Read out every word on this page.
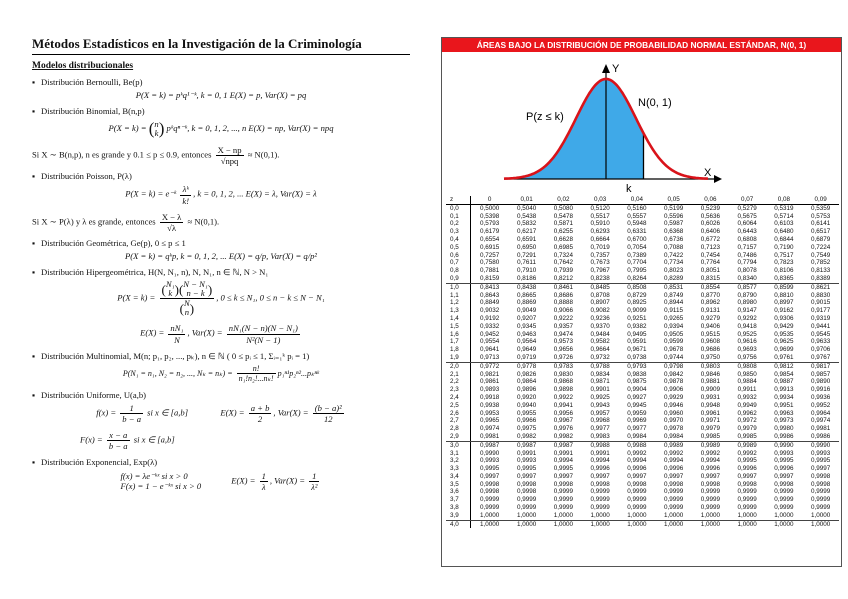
Métodos Estadísticos en la Investigación de la Criminología
Modelos distribucionales
▪ Distribución Bernoulli, Be(p)
P(X = k) = pᵏq¹⁻ᵏ, k = 0, 1 E(X) = p, Var(X) = pq
▪ Distribución Binomial, B(n,p)
P(X = k) = (n
k) pᵏqⁿ⁻ᵏ, k = 0, 1, 2, ..., n E(X) = np, Var(X) = npq
Si X ∼ B(n,p), n es grande y 0.1 ≤ p ≤ 0.9, entonces $\frac{X - np}{\text{√npq}} \approx N(0,1)$.
▪ Distribución Poisson, P(λ)
P(X = k) = e⁻ᵏ $\frac{\text{λᵏ}}{k!}$ , k = 0, 1, 2, ... E(X) = λ, Var(X) = λ
Si X ∼ P(λ) y λ es grande, entonces $\frac{X - \lambda}{√\lambda} \approx N(0,1)$.
▪ Distribución Geométrica, Ge(p), 0 ≤ p ≤ 1
P(X = k) = qᵏp, k = 0, 1, 2, ... E(X) = q/p, Var(X) = q/p²
▪ Distribución Hipergeométrica, H(N, N₁, n), N, N₁, n ∈ ℕ, N > N₁
P(X = k) =
(N₁
k )(N − N₁
n − k )
(N
n)
, 0 ≤ k ≤ N₁, 0 ≤ n − k ≤ N − N₁
$E(X) = \frac{\text{nN₁}}{N}$ , $Var(X) = \frac{\text{nN₁(N − n)(N − N₁)}}{\text{N²(N − 1)}}$
▪ Distribución Multinomial, M(n; p₁, p₂, ..., pₖ), n ∈ ℕ ( 0 ≤ pᵢ ≤ 1, Σᵢ₌₁ᵏ pᵢ = 1)
P(N₁ = n₁, N₂ = n₂, ..., $N_k = n_k) = \frac{n!}{\text{n₁!n₂!...nₖ!}}$ p₁ⁿ¹p₂ⁿ²...pₖⁿᵏ
▪ Distribución Uniforme, U(a,b)
$f(x) = \frac{1}{b - a}$ si x ∈ [a,b]	$E(X) = \frac{a + b}{2}$ , $Var(X) = \frac{\text{(b − a)²}}{12}$
$F(x) = \frac{x - a}{b - a}$ si x ∈ [a,b]
▪ Distribución Exponencial, Exp(λ)
f(x) = λe⁻ᵏˣ si x > 0
F(x) = 1 − e⁻ᵏˣ si x > 0
$E(X) = \frac{1}{\lambda}$ , $Var(X) = \frac{1}{\text{λ²}}$
ÁREAS BAJO LA DISTRIBUCIÓN DE PROBABILIDAD NORMAL ESTÁNDAR, N(0, 1)
P(z ≤ k)
N(0, 1)
Y
X
k
z	0	0,01	0,02	0,03	0,04	0,05	0,06	0,07	0,08	0,09
0,0	0,5000	0,5040	0,5080	0,5120	0,5160	0,5199	0,5239	0,5279	0,5319	0,5359
0,1	0,5398	0,5438	0,5478	0,5517	0,5557	0,5596	0,5636	0,5675	0,5714	0,5753
0,2	0,5793	0,5832	0,5871	0,5910	0,5948	0,5987	0,6026	0,6064	0,6103	0,6141
0,3	0,6179	0,6217	0,6255	0,6293	0,6331	0,6368	0,6406	0,6443	0,6480	0,6517
0,4	0,6554	0,6591	0,6628	0,6664	0,6700	0,6736	0,6772	0,6808	0,6844	0,6879
0,5	0,6915	0,6950	0,6985	0,7019	0,7054	0,7088	0,7123	0,7157	0,7190	0,7224
0,6	0,7257	0,7291	0,7324	0,7357	0,7389	0,7422	0,7454	0,7486	0,7517	0,7549
0,7	0,7580	0,7611	0,7642	0,7673	0,7704	0,7734	0,7764	0,7794	0,7823	0,7852
0,8	0,7881	0,7910	0,7939	0,7967	0,7995	0,8023	0,8051	0,8078	0,8106	0,8133
0,9	0,8159	0,8186	0,8212	0,8238	0,8264	0,8289	0,8315	0,8340	0,8365	0,8389
1,0	0,8413	0,8438	0,8461	0,8485	0,8508	0,8531	0,8554	0,8577	0,8599	0,8621
1,1	0,8643	0,8665	0,8686	0,8708	0,8729	0,8749	0,8770	0,8790	0,8810	0,8830
1,2	0,8849	0,8869	0,8888	0,8907	0,8925	0,8944	0,8962	0,8980	0,8997	0,9015
1,3	0,9032	0,9049	0,9066	0,9082	0,9099	0,9115	0,9131	0,9147	0,9162	0,9177
1,4	0,9192	0,9207	0,9222	0,9236	0,9251	0,9265	0,9279	0,9292	0,9306	0,9319
1,5	0,9332	0,9345	0,9357	0,9370	0,9382	0,9394	0,9406	0,9418	0,9429	0,9441
1,6	0,9452	0,9463	0,9474	0,9484	0,9495	0,9505	0,9515	0,9525	0,9535	0,9545
1,7	0,9554	0,9564	0,9573	0,9582	0,9591	0,9599	0,9608	0,9616	0,9625	0,9633
1,8	0,9641	0,9649	0,9656	0,9664	0,9671	0,9678	0,9686	0,9693	0,9699	0,9706
1,9	0,9713	0,9719	0,9726	0,9732	0,9738	0,9744	0,9750	0,9756	0,9761	0,9767
2,0	0,9772	0,9778	0,9783	0,9788	0,9793	0,9798	0,9803	0,9808	0,9812	0,9817
2,1	0,9821	0,9826	0,9830	0,9834	0,9838	0,9842	0,9846	0,9850	0,9854	0,9857
2,2	0,9861	0,9864	0,9868	0,9871	0,9875	0,9878	0,9881	0,9884	0,9887	0,9890
2,3	0,9893	0,9896	0,9898	0,9901	0,9904	0,9906	0,9909	0,9911	0,9913	0,9916
2,4	0,9918	0,9920	0,9922	0,9925	0,9927	0,9929	0,9931	0,9932	0,9934	0,9936
2,5	0,9938	0,9940	0,9941	0,9943	0,9945	0,9946	0,9948	0,9949	0,9951	0,9952
2,6	0,9953	0,9955	0,9956	0,9957	0,9959	0,9960	0,9961	0,9962	0,9963	0,9964
2,7	0,9965	0,9966	0,9967	0,9968	0,9969	0,9970	0,9971	0,9972	0,9973	0,9974
2,8	0,9974	0,9975	0,9976	0,9977	0,9977	0,9978	0,9979	0,9979	0,9980	0,9981
2,9	0,9981	0,9982	0,9982	0,9983	0,9984	0,9984	0,9985	0,9985	0,9986	0,9986
3,0	0,9987	0,9987	0,9987	0,9988	0,9988	0,9989	0,9989	0,9989	0,9990	0,9990
3,1	0,9990	0,9991	0,9991	0,9991	0,9992	0,9992	0,9992	0,9992	0,9993	0,9993
3,2	0,9993	0,9993	0,9994	0,9994	0,9994	0,9994	0,9994	0,9995	0,9995	0,9995
3,3	0,9995	0,9995	0,9995	0,9996	0,9996	0,9996	0,9996	0,9996	0,9996	0,9997
3,4	0,9997	0,9997	0,9997	0,9997	0,9997	0,9997	0,9997	0,9997	0,9997	0,9998
3,5	0,9998	0,9998	0,9998	0,9998	0,9998	0,9998	0,9998	0,9998	0,9998	0,9998
3,6	0,9998	0,9998	0,9999	0,9999	0,9999	0,9999	0,9999	0,9999	0,9999	0,9999
3,7	0,9999	0,9999	0,9999	0,9999	0,9999	0,9999	0,9999	0,9999	0,9999	0,9999
3,8	0,9999	0,9999	0,9999	0,9999	0,9999	0,9999	0,9999	0,9999	0,9999	0,9999
3,9	1,0000	1,0000	1,0000	1,0000	1,0000	1,0000	1,0000	1,0000	1,0000	1,0000
4,0	1,0000	1,0000	1,0000	1,0000	1,0000	1,0000	1,0000	1,0000	1,0000	1,0000
